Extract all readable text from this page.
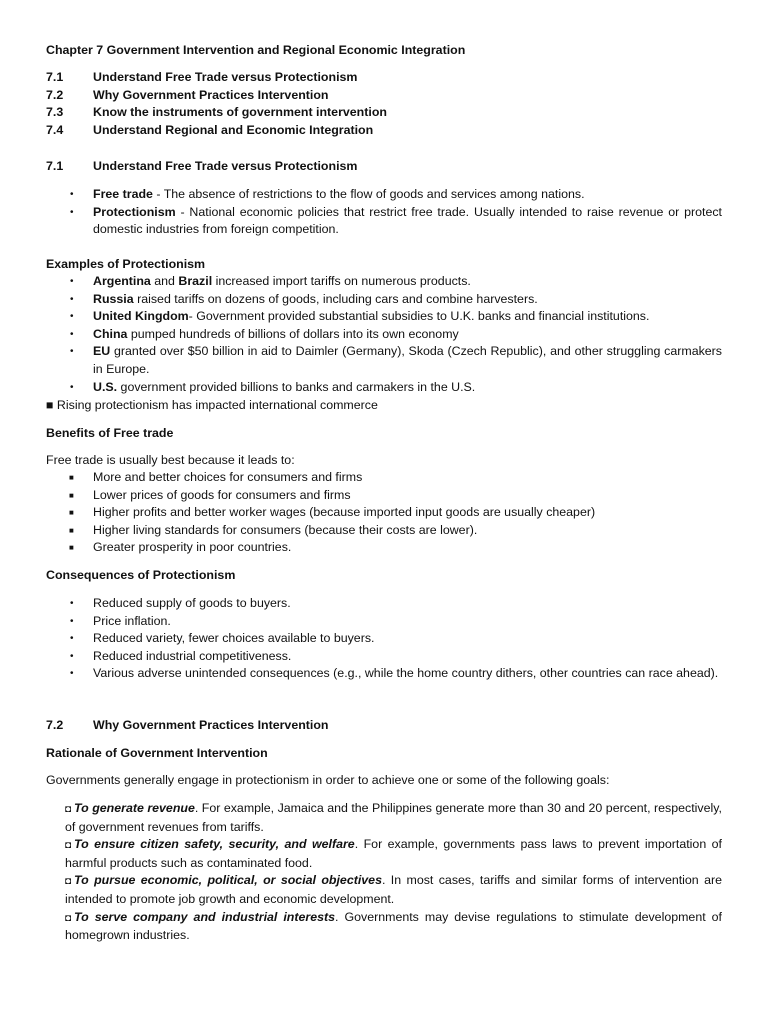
Chapter 7 Government Intervention and Regional Economic Integration

7.1 Understand Free Trade versus Protectionism
7.2 Why Government Practices Intervention
7.3 Know the instruments of government intervention
7.4 Understand Regional and Economic Integration
7.1 Understand Free Trade versus Protectionism
• Free trade - The absence of restrictions to the flow of goods and services among nations.
• Protectionism - National economic policies that restrict free trade. Usually intended to raise revenue or protect domestic industries from foreign competition.

Examples of Protectionism

• Argentina and Brazil increased import tariffs on numerous products.
• Russia raised tariffs on dozens of goods, including cars and combine harvesters.
• United Kingdom- Government provided substantial subsidies to U.K. banks and financial institutions.
• China pumped hundreds of billions of dollars into its own economy
• EU granted over $50 billion in aid to Daimler (Germany), Skoda (Czech Republic), and other struggling carmakers in Europe.
• U.S. government provided billions to banks and carmakers in the U.S.

■ Rising protectionism has impacted international commerce

Benefits of Free trade

Free trade is usually best because it leads to:

■ More and better choices for consumers and firms
■ Lower prices of goods for consumers and firms
■ Higher profits and better worker wages (because imported input goods are usually cheaper)
■ Higher living standards for consumers (because their costs are lower).
■ Greater prosperity in poor countries.

Consequences of Protectionism

• Reduced supply of goods to buyers.
• Price inflation.
• Reduced variety, fewer choices available to buyers.
• Reduced industrial competitiveness.
• Various adverse unintended consequences (e.g., while the home country dithers, other countries can race ahead).
7.2 Why Government Practices Intervention

Rationale of Government Intervention

Governments generally engage in protectionism in order to achieve one or some of the following goals:

◘ To generate revenue. For example, Jamaica and the Philippines generate more than 30 and 20 percent, respectively, of government revenues from tariffs.

◘ To ensure citizen safety, security, and welfare. For example, governments pass laws to prevent importation of harmful products such as contaminated food.

◘ To pursue economic, political, or social objectives. In most cases, tariffs and similar forms of intervention are intended to promote job growth and economic development.

◘ To serve company and industrial interests. Governments may devise regulations to stimulate development of homegrown industries.
